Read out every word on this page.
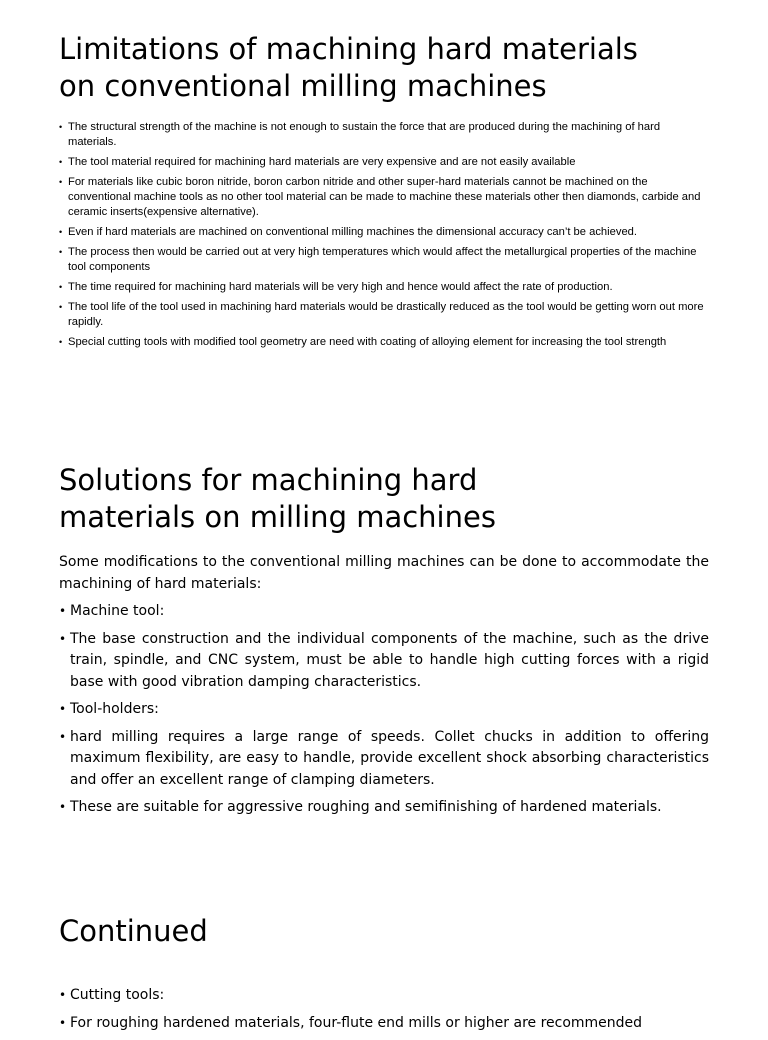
Limitations of machining hard materials
on conventional milling machines
• The structural strength of the machine is not enough to sustain the force that are produced during the machining of hard materials.
• The tool material required for machining hard materials are very expensive and are not easily available
• For materials like cubic boron nitride, boron carbon nitride and other super-hard materials cannot be machined on the conventional machine tools as no other tool material can be made to machine these materials other then diamonds, carbide and ceramic inserts(expensive alternative).
• Even if hard materials are machined on conventional milling machines the dimensional accuracy can’t be achieved.
• The process then would be carried out at very high temperatures which would affect the metallurgical properties of the machine tool components
• The time required for machining hard materials will be very high and hence would affect the rate of production.
• The tool life of the tool used in machining hard materials would be drastically reduced as the tool would be getting worn out more rapidly.
• Special cutting tools with modified tool geometry are need with coating of alloying element for increasing the tool strength
Solutions for machining hard
materials on milling machines

Some modifications to the conventional milling machines can be done to accommodate the machining of hard materials:

• Machine tool:
• The base construction and the individual components of the machine, such as the drive train, spindle, and CNC system, must be able to handle high cutting forces with a rigid base with good vibration damping characteristics.
• Tool-holders:
• hard milling requires a large range of speeds. Collet chucks in addition to offering maximum flexibility, are easy to handle, provide excellent shock absorbing characteristics and offer an excellent range of clamping diameters.
• These are suitable for aggressive roughing and semifinishing of hardened materials.
Continued
• Cutting tools:
• For roughing hardened materials, four-flute end mills or higher are recommended
